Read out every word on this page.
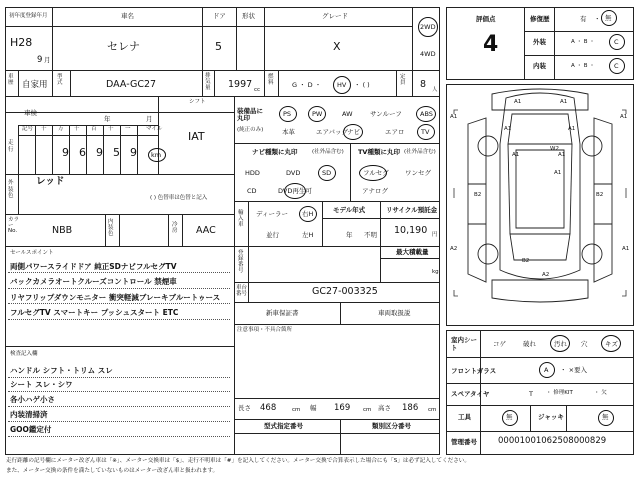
初年度登録年月
H28
9 月
車名
セレナ
ドア
5
形状	グレード
X
2WD
4WD
車歴 自家用
型式	DAA-GC27
排気量 1997 cc
燃料	G ・ D ・ HV ・ ( )
定員 8 人
車検
年	月
シフト
IAT
走行
記号 十 万 千 百 十 一	マイル
9 6 9 5 9 km
外装色
レッド
( ) 色替車は色替と記入
カラー No.	NBB
内装色
冷房 AAC
セールスポイント
両側パワースライドドア 純正SDナビフルセグTV
バックカメラオートクルーズコントロール 禁煙車
リヤフリップダウンモニター 衝突軽減ブレーキブルートゥース
フルセグTV スマートキー プッシュスタート ETC
検査記入欄
ハンドル シフト・トリム スレ
シート スレ・シワ
各小ハゲ小さ
内装清掃済
GOO鑑定付
装備品に丸印
(純正のみ)
PS	PW	AW	サンルーフ	ABS
本革	エアバッグ ナビ	エアロ	TV
ナビ種類に丸印	(社外品含む) TV種類に丸印 (社外品含む)
HDD	DVD	SD
CD	DVD再生可
フルセグ	ワンセグ
アナログ
輸入車
ディーラー 右H
並行	左H
モデル年式
年 不明
リサイクル預託金
10,190 円
登録番号
最大積載量
kg
車台番号	GC27-003325
新車保証書	車両取扱説
注意事項・不具合箇所
長さ 468	cm 幅 169 cm 高さ 186 cm
型式指定番号	類別区分番号
評価点
4
修復歴	有 ・ 無
外装	A ・ B ・	C
内装	A ・ B ・	C
A1	A1
A1	A1
A1	A1
A1	A1
A1
W2
B2	B2
B2
A2
A2	A1
室内シート
コゲ	破れ	汚れ 穴	キズ
フロントガラス	A ・ ×要入
スペアタイヤ	T ・ 修理KIT	・ 欠
工具	無	ジャッキ	無
管理番号 00001001062508000829
走行距離の記号欄にメーター改ざん車は「※」、メーター交換車は「$」、走行不明車は「#」を記入してください。メーター交換で合算表示した場合にも「S」は必ず記入してください。
また、メーター交換の条件を満たしていないものはメーター改ざん車と扱われます。
